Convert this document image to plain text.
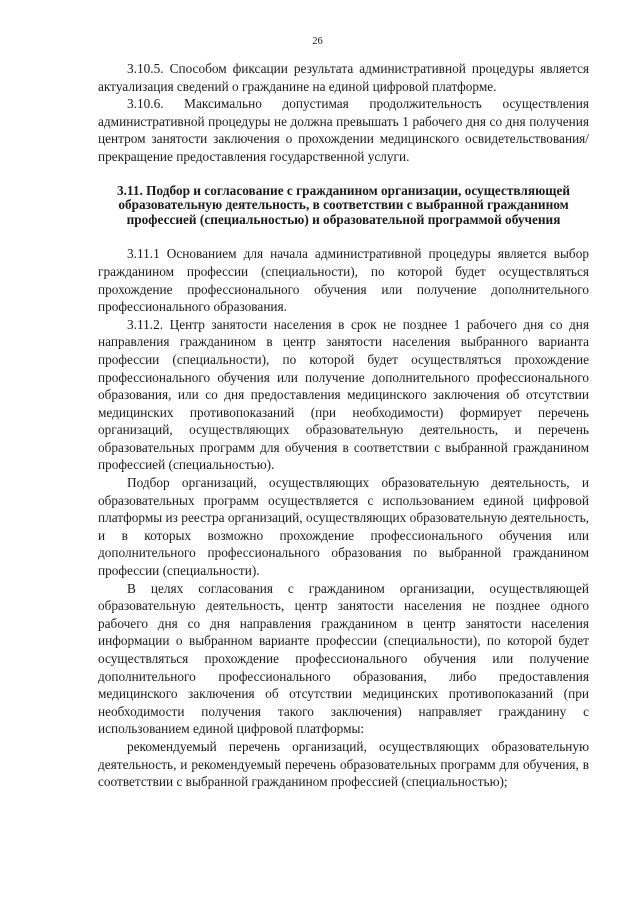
26

3.10.5. Способом фиксации результата административной процедуры является актуализация сведений о гражданине на единой цифровой платформе.

3.10.6. Максимально допустимая продолжительность осуществления административной процедуры не должна превышать 1 рабочего дня со дня получения центром занятости заключения о прохождении медицинского освидетельствования/прекращение предоставления государственной услуги.

3.11. Подбор и согласование с гражданином организации, осуществляющей образовательную деятельность, в соответствии с выбранной гражданином профессией (специальностью) и образовательной программой обучения

3.11.1 Основанием для начала административной процедуры является выбор гражданином профессии (специальности), по которой будет осуществляться прохождение профессионального обучения или получение дополнительного профессионального образования.

3.11.2. Центр занятости населения в срок не позднее 1 рабочего дня со дня направления гражданином в центр занятости населения выбранного варианта профессии (специальности), по которой будет осуществляться прохождение профессионального обучения или получение дополнительного профессионального образования, или со дня предоставления медицинского заключения об отсутствии медицинских противопоказаний (при необходимости) формирует перечень организаций, осуществляющих образовательную деятельность, и перечень образовательных программ для обучения в соответствии с выбранной гражданином профессией (специальностью).

Подбор организаций, осуществляющих образовательную деятельность, и образовательных программ осуществляется с использованием единой цифровой платформы из реестра организаций, осуществляющих образовательную деятельность, и в которых возможно прохождение профессионального обучения или дополнительного профессионального образования по выбранной гражданином профессии (специальности).

В целях согласования с гражданином организации, осуществляющей образовательную деятельность, центр занятости населения не позднее одного рабочего дня со дня направления гражданином в центр занятости населения информации о выбранном варианте профессии (специальности), по которой будет осуществляться прохождение профессионального обучения или получение дополнительного профессионального образования, либо предоставления медицинского заключения об отсутствии медицинских противопоказаний (при необходимости получения такого заключения) направляет гражданину с использованием единой цифровой платформы:

рекомендуемый перечень организаций, осуществляющих образовательную деятельность, и рекомендуемый перечень образовательных программ для обучения, в соответствии с выбранной гражданином профессией (специальностью);
